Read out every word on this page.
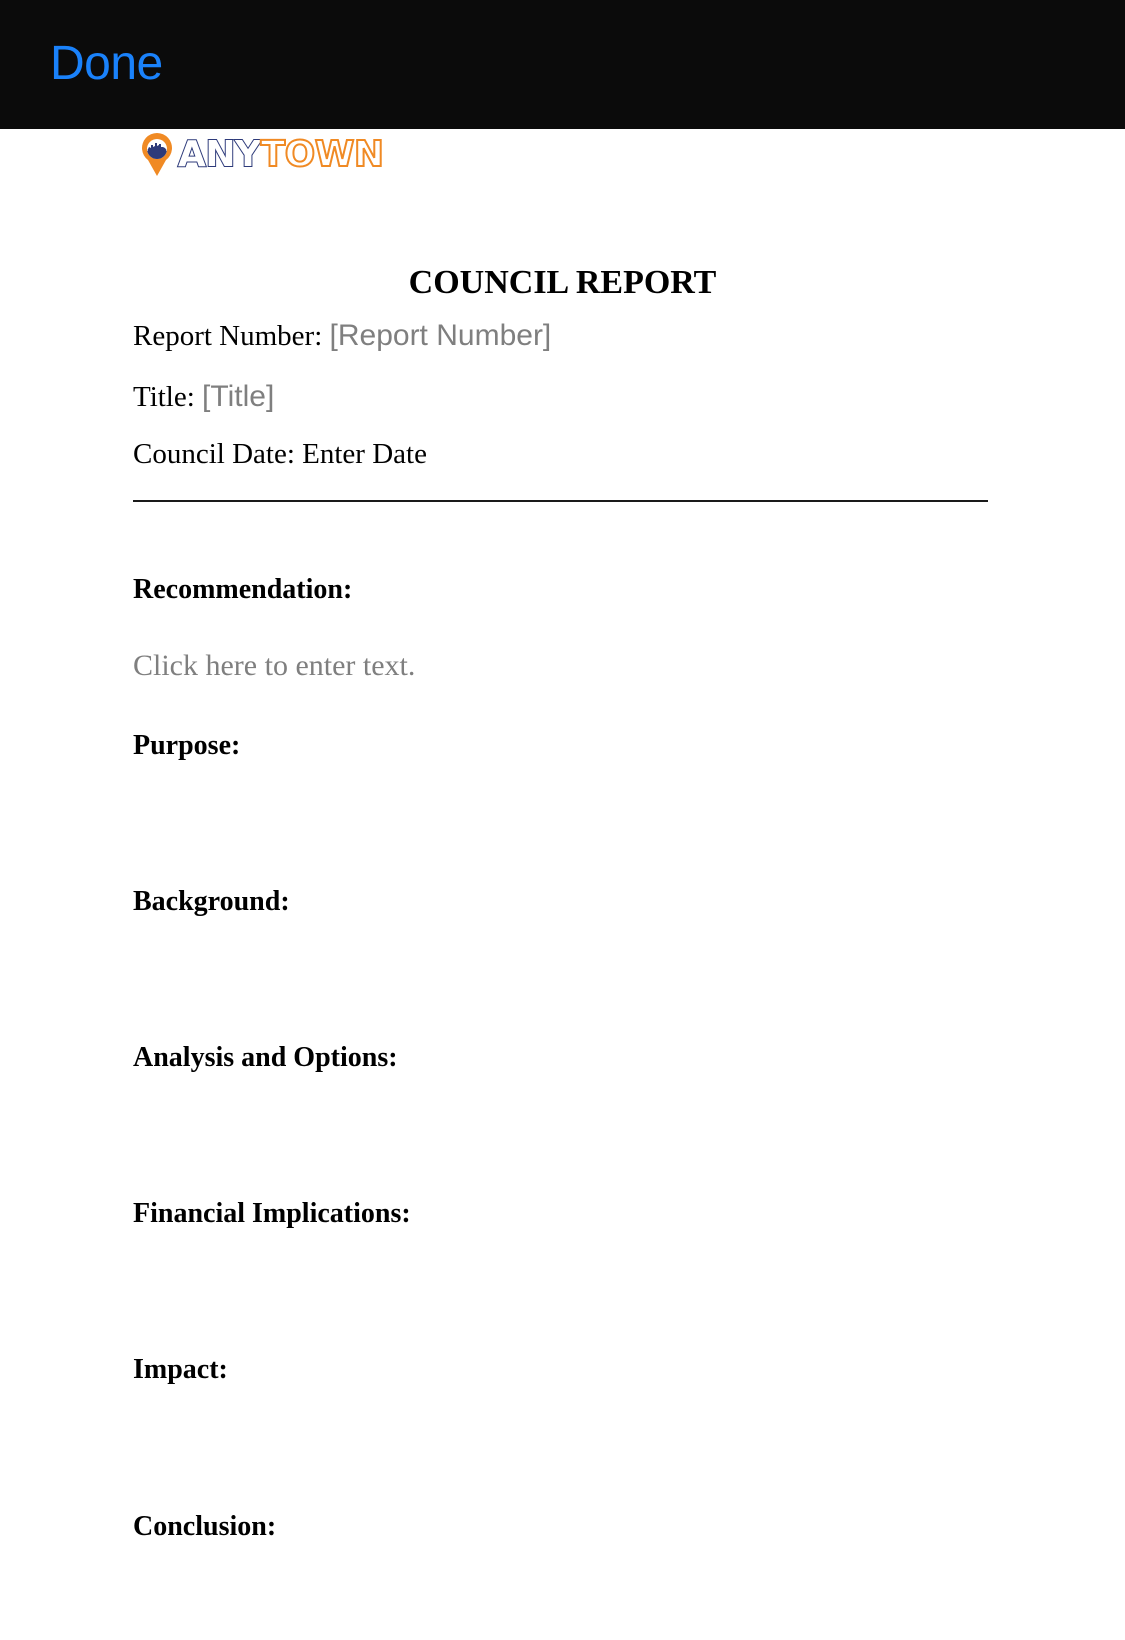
Done
ANY TOWN
COUNCIL REPORT
Report Number: [Report Number]
Title: [Title]
Council Date: Enter Date
Recommendation:
Click here to enter text.
Purpose:
Background:
Analysis and Options:
Financial Implications:
Impact:
Conclusion:
